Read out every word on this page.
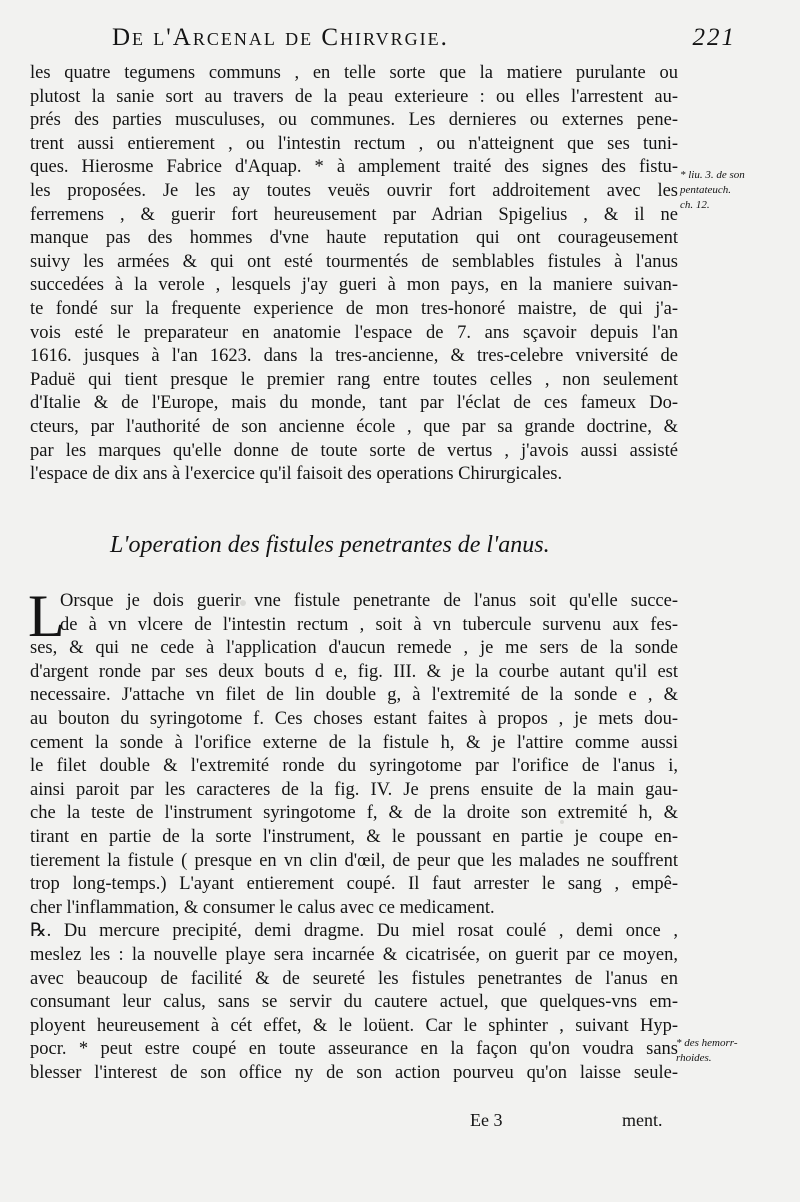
De l'Arcenal de Chirvrgie.	221
les quatre tegumens communs , en telle sorte que la matiere purulante ou
plutost la sanie sort au travers de la peau exterieure : ou elles l'arrestent au-
prés des parties musculuses, ou communes. Les dernieres ou externes pene-
trent aussi entierement , ou l'intestin rectum , ou n'atteignent que ses tuni-
ques. Hierosme Fabrice d'Aquap. * à amplement traité des signes des fistu-
les proposées. Je les ay toutes veuës ouvrir fort addroitement avec les
ferremens , & guerir fort heureusement par Adrian Spigelius , & il ne
manque pas des hommes d'vne haute reputation qui ont courageusement
suivy les armées & qui ont esté tourmentés de semblables fistules à l'anus
succedées à la verole , lesquels j'ay gueri à mon pays, en la maniere suivan-
te fondé sur la frequente experience de mon tres-honoré maistre, de qui j'a-
vois esté le preparateur en anatomie l'espace de 7. ans sçavoir depuis l'an
1616. jusques à l'an 1623. dans la tres-ancienne, & tres-celebre vniversité de
Paduë qui tient presque le premier rang entre toutes celles , non seulement
d'Italie & de l'Europe, mais du monde, tant par l'éclat de ces fameux Do-
cteurs, par l'authorité de son ancienne école , que par sa grande doctrine, &
par les marques qu'elle donne de toute sorte de vertus , j'avois aussi assisté
l'espace de dix ans à l'exercice qu'il faisoit des operations Chirurgicales.
L'operation des fistules penetrantes de l'anus.
L
Orsque je dois guerir vne fistule penetrante de l'anus soit qu'elle succe-
de à vn vlcere de l'intestin rectum , soit à vn tubercule survenu aux fes-
ses, & qui ne cede à l'application d'aucun remede , je me sers de la sonde
d'argent ronde par ses deux bouts d e, fig. III. & je la courbe autant qu'il est
necessaire. J'attache vn filet de lin double g, à l'extremité de la sonde e , &
au bouton du syringotome f. Ces choses estant faites à propos , je mets dou-
cement la sonde à l'orifice externe de la fistule h, & je l'attire comme aussi
le filet double & l'extremité ronde du syringotome par l'orifice de l'anus i,
ainsi paroit par les caracteres de la fig. IV. Je prens ensuite de la main gau-
che la teste de l'instrument syringotome f, & de la droite son extremité h, &
tirant en partie de la sorte l'instrument, & le poussant en partie je coupe en-
tierement la fistule ( presque en vn clin d'œil, de peur que les malades ne souffrent
trop long-temps.) L'ayant entierement coupé. Il faut arrester le sang , empê-
cher l'inflammation, & consumer le calus avec ce medicament.
℞. Du mercure precipité, demi dragme. Du miel rosat coulé , demi once ,
meslez les : la nouvelle playe sera incarnée & cicatrisée, on guerit par ce moyen,
avec beaucoup de facilité & de seureté les fistules penetrantes de l'anus en
consumant leur calus, sans se servir du cautere actuel, que quelques-vns em-
ployent heureusement à cét effet, & le loüent. Car le sphinter , suivant Hyp-
pocr. * peut estre coupé en toute asseurance en la façon qu'on voudra sans
blesser l'interest de son office ny de son action pourveu qu'on laisse seule-
* liu. 3. de son
pentateuch.
ch. 12.
* des hemorr-
rhoides.
Ee 3	ment.
